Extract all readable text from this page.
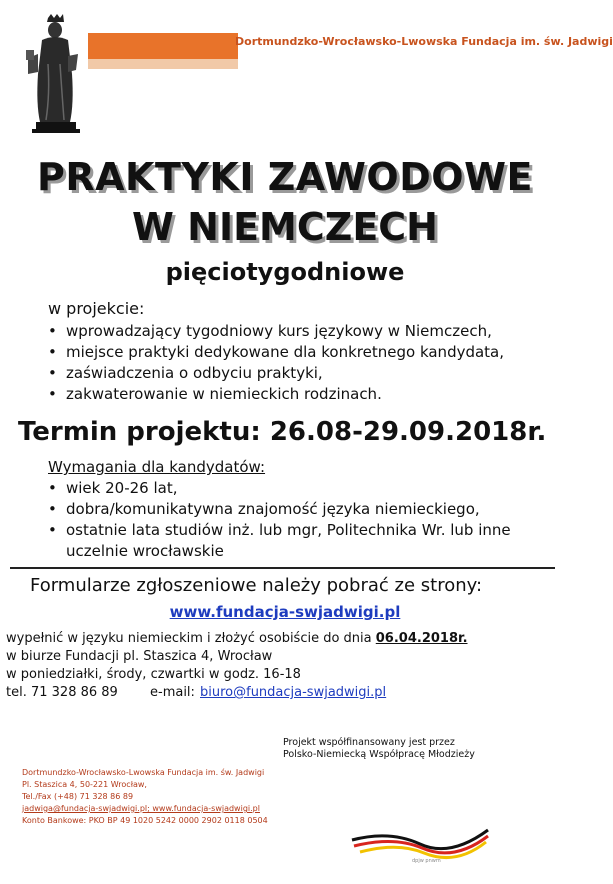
Dortmundzko-Wrocławsko-Lwowska Fundacja im. św. Jadwigi
PRAKTYKI ZAWODOWE
W NIEMCZECH
pięciotygodniowe
w projekcie:
• wprowadzający tygodniowy kurs językowy w Niemczech,
• miejsce praktyki dedykowane dla konkretnego kandydata,
• zaświadczenia o odbyciu praktyki,
• zakwaterowanie w niemieckich rodzinach.
Termin projektu: 26.08-29.09.2018r.
Wymagania dla kandydatów:
• wiek 20-26 lat,
• dobra/komunikatywna znajomość języka niemieckiego,
• ostatnie lata studiów inż. lub mgr, Politechnika Wr. lub inne uczelnie wrocławskie
Formularze zgłoszeniowe należy pobrać ze strony:
www.fundacja-swjadwigi.pl
wypełnić w języku niemieckim i złożyć osobiście do dnia 06.04.2018r.
w biurze Fundacji pl. Staszica 4, Wrocław
w poniedziałki, środy, czwartki w godz. 16-18
tel. 71 328 86 89 e-mail: biuro@fundacja-swjadwigi.pl
Projekt współfinansowany jest przez
Polsko-Niemiecką Współpracę Młodzieży
Dortmundzko-Wrocławsko-Lwowska Fundacja im. św. Jadwigi
Pl. Staszica 4, 50-221 Wrocław,
Tel./Fax (+48) 71 328 86 89
jadwiga@fundacja-swjadwigi.pl; www.fundacja-swjadwigi.pl
Konto Bankowe: PKO BP 49 1020 5242 0000 2902 0118 0504
dpjw pnwm
